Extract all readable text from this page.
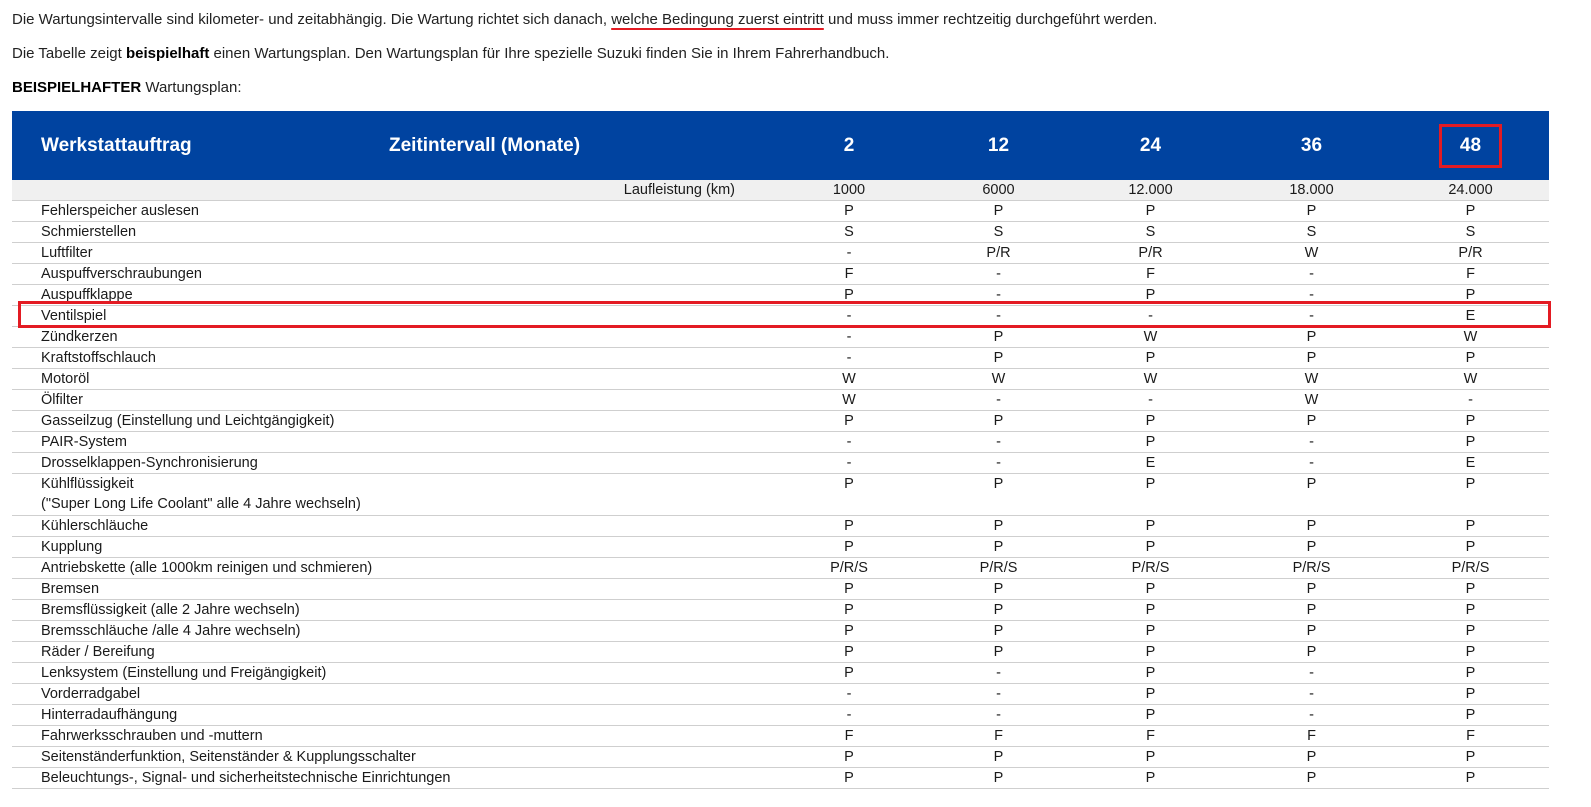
Die Wartungsintervalle sind kilometer- und zeitabhängig. Die Wartung richtet sich danach, welche Bedingung zuerst eintritt und muss immer rechtzeitig durchgeführt werden.
Die Tabelle zeigt beispielhaft einen Wartungsplan. Den Wartungsplan für Ihre spezielle Suzuki finden Sie in Ihrem Fahrerhandbuch.
BEISPIELHAFTER Wartungsplan:
Werkstattauftrag	Zeitintervall (Monate)	2	12	24	36	48
Laufleistung (km)		1000	6000	12.000	18.000	24.000
Fehlerspeicher auslesen		P	P	P	P	P
Schmierstellen		S	S	S	S	S
Luftfilter		-	P/R	P/R	W	P/R
Auspuffverschraubungen		F	-	F	-	F
Auspuffklappe		P	-	P	-	P
Ventilspiel		-	-	-	-	E
Zündkerzen		-	P	W	P	W
Kraftstoffschlauch		-	P	P	P	P
Motoröl		W	W	W	W	W
Ölfilter		W	-	-	W	-
Gasseilzug (Einstellung und Leichtgängigkeit)		P	P	P	P	P
PAIR-System		-	-	P	-	P
Drosselklappen-Synchronisierung		-	-	E	-	E
Kühlflüssigkeit
("Super Long Life Coolant" alle 4 Jahre wechseln)		P	P	P	P	P
Kühlerschläuche		P	P	P	P	P
Kupplung		P	P	P	P	P
Antriebskette (alle 1000km reinigen und schmieren)		P/R/S	P/R/S	P/R/S	P/R/S	P/R/S
Bremsen		P	P	P	P	P
Bremsflüssigkeit (alle 2 Jahre wechseln)		P	P	P	P	P
Bremsschläuche /alle 4 Jahre wechseln)		P	P	P	P	P
Räder / Bereifung		P	P	P	P	P
Lenksystem (Einstellung und Freigängigkeit)		P	-	P	-	P
Vorderradgabel		-	-	P	-	P
Hinterradaufhängung		-	-	P	-	P
Fahrwerksschrauben und -muttern		F	F	F	F	F
Seitenständerfunktion, Seitenständer & Kupplungsschalter		P	P	P	P	P
Beleuchtungs-, Signal- und sicherheitstechnische Einrichtungen		P	P	P	P	P
